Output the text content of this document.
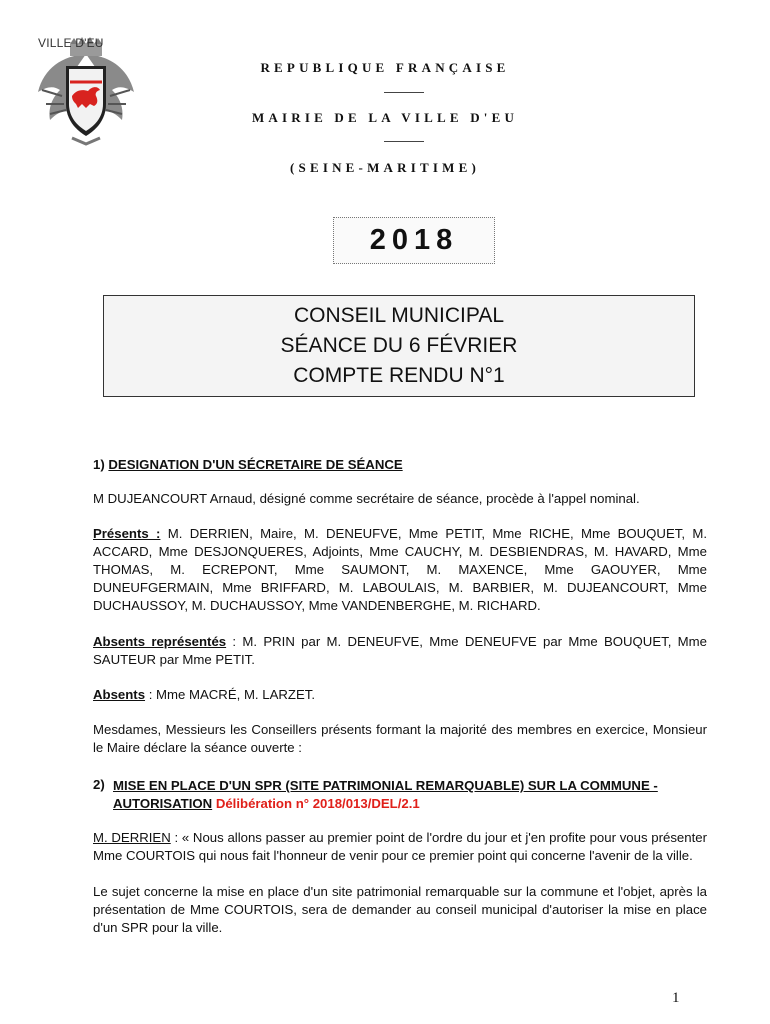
VILLE D'EU
REPUBLIQUE FRANÇAISE
MAIRIE DE LA VILLE D'EU
(SEINE-MARITIME)
2018
CONSEIL MUNICIPAL
SÉANCE DU 6 FÉVRIER
COMPTE RENDU N°1
1) DESIGNATION D'UN SÉCRETAIRE DE SÉANCE
M DUJEANCOURT Arnaud, désigné comme secrétaire de séance, procède à l'appel nominal.
Présents : M. DERRIEN, Maire, M. DENEUFVE, Mme PETIT, Mme RICHE, Mme BOUQUET, M. ACCARD, Mme DESJONQUERES, Adjoints, Mme CAUCHY, M. DESBIENDRAS, M. HAVARD, Mme THOMAS, M. ECREPONT, Mme SAUMONT, M. MAXENCE, Mme GAOUYER, Mme DUNEUFGERMAIN, Mme BRIFFARD, M. LABOULAIS, M. BARBIER, M. DUJEANCOURT, Mme DUCHAUSSOY, M. DUCHAUSSOY, Mme VANDENBERGHE, M. RICHARD.
Absents représentés : M. PRIN par M. DENEUFVE, Mme DENEUFVE par Mme BOUQUET, Mme SAUTEUR par Mme PETIT.
Absents : Mme MACRÉ, M. LARZET.
Mesdames, Messieurs les Conseillers présents formant la majorité des membres en exercice, Monsieur le Maire déclare la séance ouverte :
2) MISE EN PLACE D'UN SPR (SITE PATRIMONIAL REMARQUABLE) SUR LA COMMUNE -
AUTORISATION Délibération n° 2018/013/DEL/2.1
M. DERRIEN : « Nous allons passer au premier point de l'ordre du jour et j'en profite pour vous présenter Mme COURTOIS qui nous fait l'honneur de venir pour ce premier point qui concerne l'avenir de la ville.
Le sujet concerne la mise en place d'un site patrimonial remarquable sur la commune et l'objet, après la présentation de Mme COURTOIS, sera de demander au conseil municipal d'autoriser la mise en place d'un SPR pour la ville.
1
